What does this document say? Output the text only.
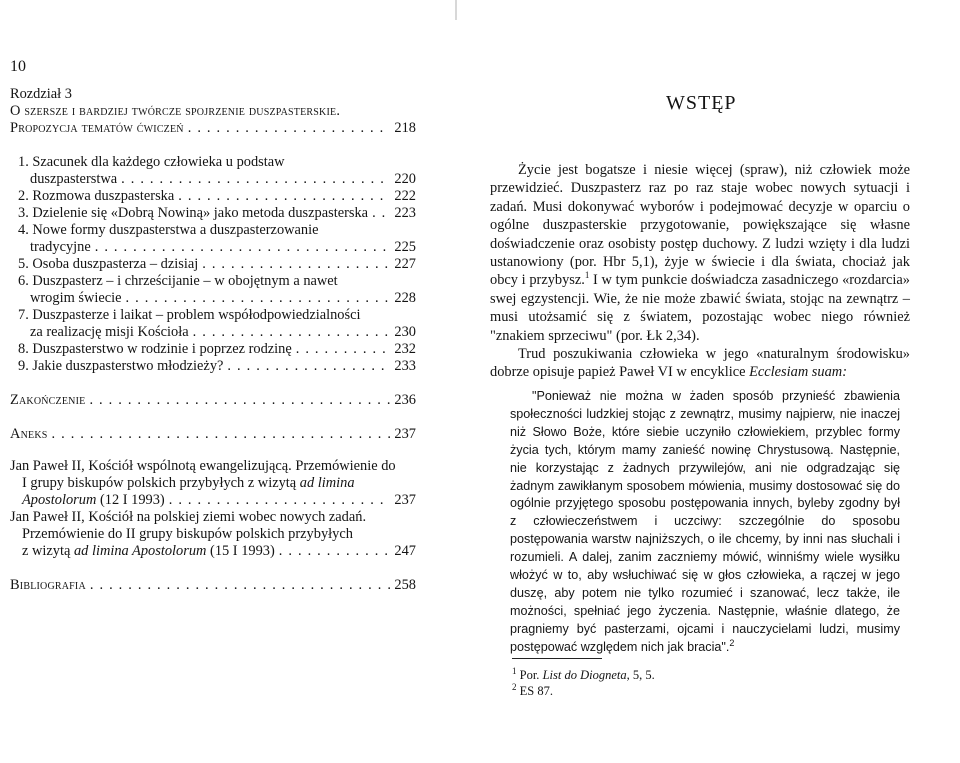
10
Rozdział 3
O szersze i bardziej twórcze spojrzenie duszpasterskie.
Propozycja tematów ćwiczeń . . .	218
1. Szacunek dla każdego człowieka u podstaw
duszpasterstwa . . .	220
2. Rozmowa duszpasterska . . .	222
3. Dzielenie się «Dobrą Nowiną» jako metoda duszpasterska . . . 223
4. Nowe formy duszpasterstwa a duszpasterzowanie
tradycyjne . . .	225
5. Osoba duszpasterza – dzisiaj . . .	227
6. Duszpasterz – i chrześcijanie – w obojętnym a nawet
wrogim świecie . . .	228
7. Duszpasterze i laikat – problem współodpowiedzialności
za realizację misji Kościoła . . .	230
8. Duszpasterstwo w rodzinie i poprzez rodzinę . . .	232
9. Jakie duszpasterstwo młodzieży? . . .	233
Zakończenie . . .	236
Aneks . . .	237
Jan Paweł II, Kościół wspólnotą ewangelizującą. Przemówienie do
I grupy biskupów polskich przybyłych z wizytą ad limina
Apostolorum (12 I 1993) . . .	237
Jan Paweł II, Kościół na polskiej ziemi wobec nowych zadań.
Przemówienie do II grupy biskupów polskich przybyłych
z wizytą ad limina Apostolorum (15 I 1993) . . .	247
Bibliografia . . .	258
WSTĘP

Życie jest bogatsze i niesie więcej (spraw), niż człowiek może przewidzieć. Duszpasterz raz po raz staje wobec nowych sytuacji i zadań. Musi dokonywać wyborów i podejmować decyzje w oparciu o ogólne duszpasterskie przygotowanie, powiększające się własne doświadczenie oraz osobisty postęp duchowy. Z ludzi wzięty i dla ludzi ustanowiony (por. Hbr 5,1), żyje w świecie i dla świata, chociaż jak obcy i przybysz.$^1$ I w tym punkcie doświadcza zasadniczego «rozdarcia» swej egzystencji. Wie, że nie może zbawić świata, stojąc na zewnątrz – musi utożsamić się z światem, pozostając wobec niego również "znakiem sprzeciwu" (por. Łk 2,34).

Trud poszukiwania człowieka w jego «naturalnym środowisku» dobrze opisuje papież Paweł VI w encyklice Ecclesiam suam:

"Ponieważ nie można w żaden sposób przynieść zbawienia społeczności ludzkiej stojąc z zewnątrz, musimy najpierw, nie inaczej niż Słowo Boże, które siebie uczyniło człowiekiem, przyblec formy życia tych, którym mamy zanieść nowinę Chrystusową. Następnie, nie korzystając z żadnych przywilejów, ani nie odgradzając się żadnym zawikłanym sposobem mówienia, musimy dostosować się do ogólnie przyjętego sposobu postępowania innych, byleby zgodny był z człowieczeństwem i uczciwy: szczególnie do sposobu postępowania warstw najniższych, o ile chcemy, by inni nas słuchali i rozumieli. A dalej, zanim zaczniemy mówić, winniśmy wiele wysiłku włożyć w to, aby wsłuchiwać się w głos człowieka, a rączej w jego duszę, aby potem nie tylko rozumieć i szanować, lecz także, ile możności, spełniać jego życzenia. Następnie, właśnie dlatego, że pragniemy być pasterzami, ojcami i nauczycielami ludzi, musimy postępować względem nich jak bracia".$^2$

$^1$ Por. List do Diogneta, 5, 5.
$^2$ ES 87.
